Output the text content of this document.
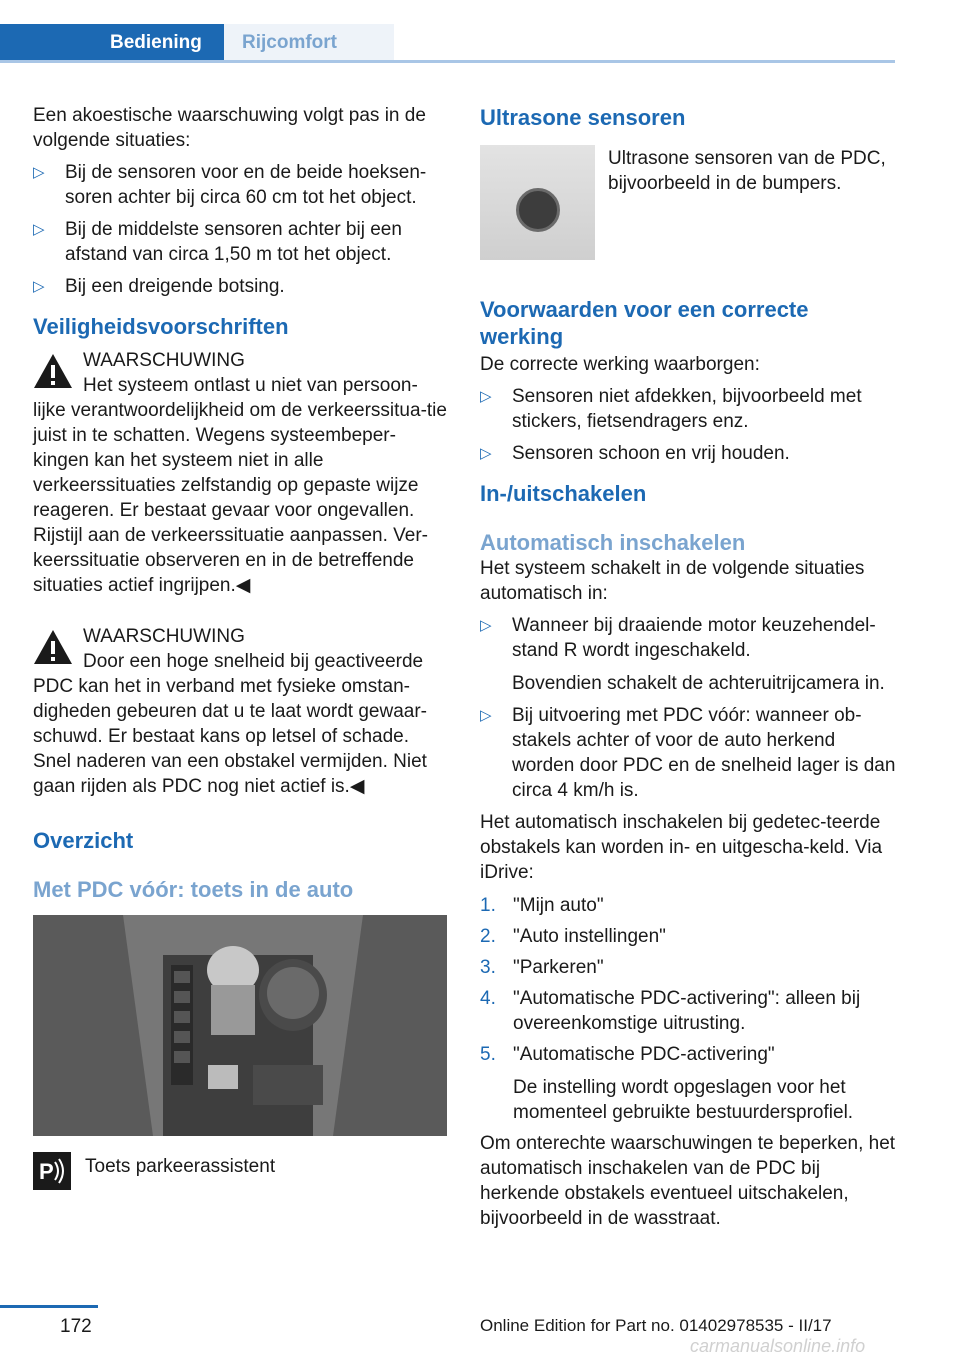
Bediening	Rijcomfort

Een akoestische waarschuwing volgt pas in de volgende situaties:

▷ Bij de sensoren voor en de beide hoeksen‐soren achter bij circa 60 cm tot het object.
▷ Bij de middelste sensoren achter bij een afstand van circa 1,50 m tot het object.
▷ Bij een dreigende botsing.
Veiligheidsvoorschriften

WAARSCHUWING

Het systeem ontlast u niet van persoon‐lijke verantwoordelijkheid om de verkeerssitua‐tie juist in te schatten. Wegens systeembeper‐kingen kan het systeem niet in alle verkeerssituaties zelfstandig op gepaste wijze reageren. Er bestaat gevaar voor ongevallen. Rijstijl aan de verkeerssituatie aanpassen. Ver‐keerssituatie observeren en in de betreffende situaties actief ingrijpen.◀

WAARSCHUWING

Door een hoge snelheid bij geactiveerde PDC kan het in verband met fysieke omstan‐digheden gebeuren dat u te laat wordt gewaar‐schuwd. Er bestaat kans op letsel of schade. Snel naderen van een obstakel vermijden. Niet gaan rijden als PDC nog niet actief is.◀

Overzicht
Met PDC vóór: toets in de auto
P	Toets parkeerassistent

Ultrasone sensoren

Ultrasone sensoren van de PDC, bijvoorbeeld in de bumpers.

Voorwaarden voor een correcte werking

De correcte werking waarborgen:

▷ Sensoren niet afdekken, bijvoorbeeld met stickers, fietsendragers enz.
▷ Sensoren schoon en vrij houden.
In-/uitschakelen
Automatisch inschakelen

Het systeem schakelt in de volgende situaties automatisch in:

▷ Wanneer bij draaiende motor keuzehendel‐stand R wordt ingeschakeld.

Bovendien schakelt de achteruitrijcamera in.

▷ Bij uitvoering met PDC vóór: wanneer ob‐stakels achter of voor de auto herkend worden door PDC en de snelheid lager is dan circa 4 km/h is.

Het automatisch inschakelen bij gedetec‐teerde obstakels kan worden in- en uitgescha‐keld. Via iDrive:

1. "Mijn auto"
2. "Auto instellingen"
3. "Parkeren"
4. "Automatische PDC-activering": alleen bij overeenkomstige uitrusting.
5. "Automatische PDC-activering"

De instelling wordt opgeslagen voor het momenteel gebruikte bestuurdersprofiel.

Om onterechte waarschuwingen te beperken, het automatisch inschakelen van de PDC bij herkende obstakels eventueel uitschakelen, bijvoorbeeld in de wasstraat.

172	Online Edition for Part no. 01402978535 - II/17
carmanualsonline.info
